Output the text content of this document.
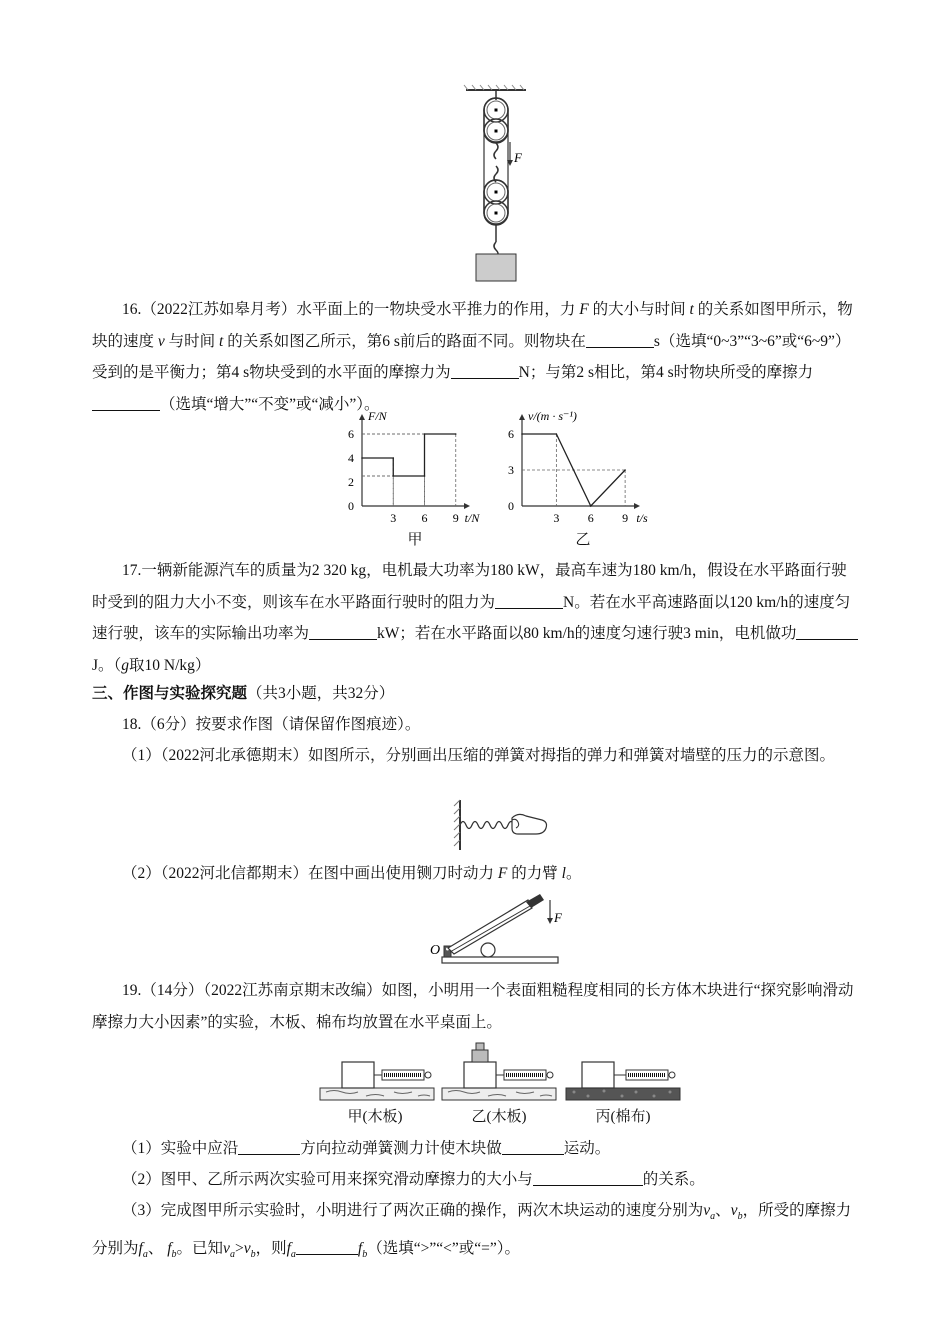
F
16.（2022江苏如皋月考）水平面上的一物块受水平推力的作用，力 F 的大小与时间 t 的关系如图甲所示，物块的速度 v 与时间 t 的关系如图乙所示，第6 s前后的路面不同。则物块在	s（选填“0~3”“3~6”或“6~9”）受到的是平衡力；第4 s物块受到的水平面的摩擦力为	N；与第2 s相比，第4 s时物块所受的摩擦力（选填“增大”“不变”或“减小”）。
F/N
t/N
0
3 6 9
2
4
6
甲
v/(m · s⁻¹)
t/s
0
3 6 9
3
6
乙
17.一辆新能源汽车的质量为2 320 kg，电机最大功率为180 kW，最高车速为180 km/h，假设在水平路面行驶时受到的阻力大小不变，则该车在水平路面行驶时的阻力为	N。若在水平高速路面以120 km/h的速度匀速行驶，该车的实际输出功率为	kW；若在水平路面以80 km/h的速度匀速行驶3 min，电机做功J。（g取10 N/kg）
三、作图与实验探究题（共3小题，共32分）
18.（6分）按要求作图（请保留作图痕迹）。
（1）（2022河北承德期末）如图所示，分别画出压缩的弹簧对拇指的弹力和弹簧对墙壁的压力的示意图。
（2）（2022河北信都期末）在图中画出使用铡刀时动力 F 的力臂 l。
F
O
19.（14分）（2022江苏南京期末改编）如图，小明用一个表面粗糙程度相同的长方体木块进行“探究影响滑动摩擦力大小因素”的实验，木板、棉布均放置在水平桌面上。
甲(木板)	乙(木板)	丙(棉布)
（1）实验中应沿	方向拉动弹簧测力计使木块做	运动。
（2）图甲、乙所示两次实验可用来探究滑动摩擦力的大小与	的关系。
（3）完成图甲所示实验时，小明进行了两次正确的操作，两次木块运动的速度分别为$v_a$、$v_b$，所受的摩擦力分别为$f_a$、 $f_b$。已知$v_a>v_b$，则$f_a$	$f_b$（选填“>”“<”或“=”）。
